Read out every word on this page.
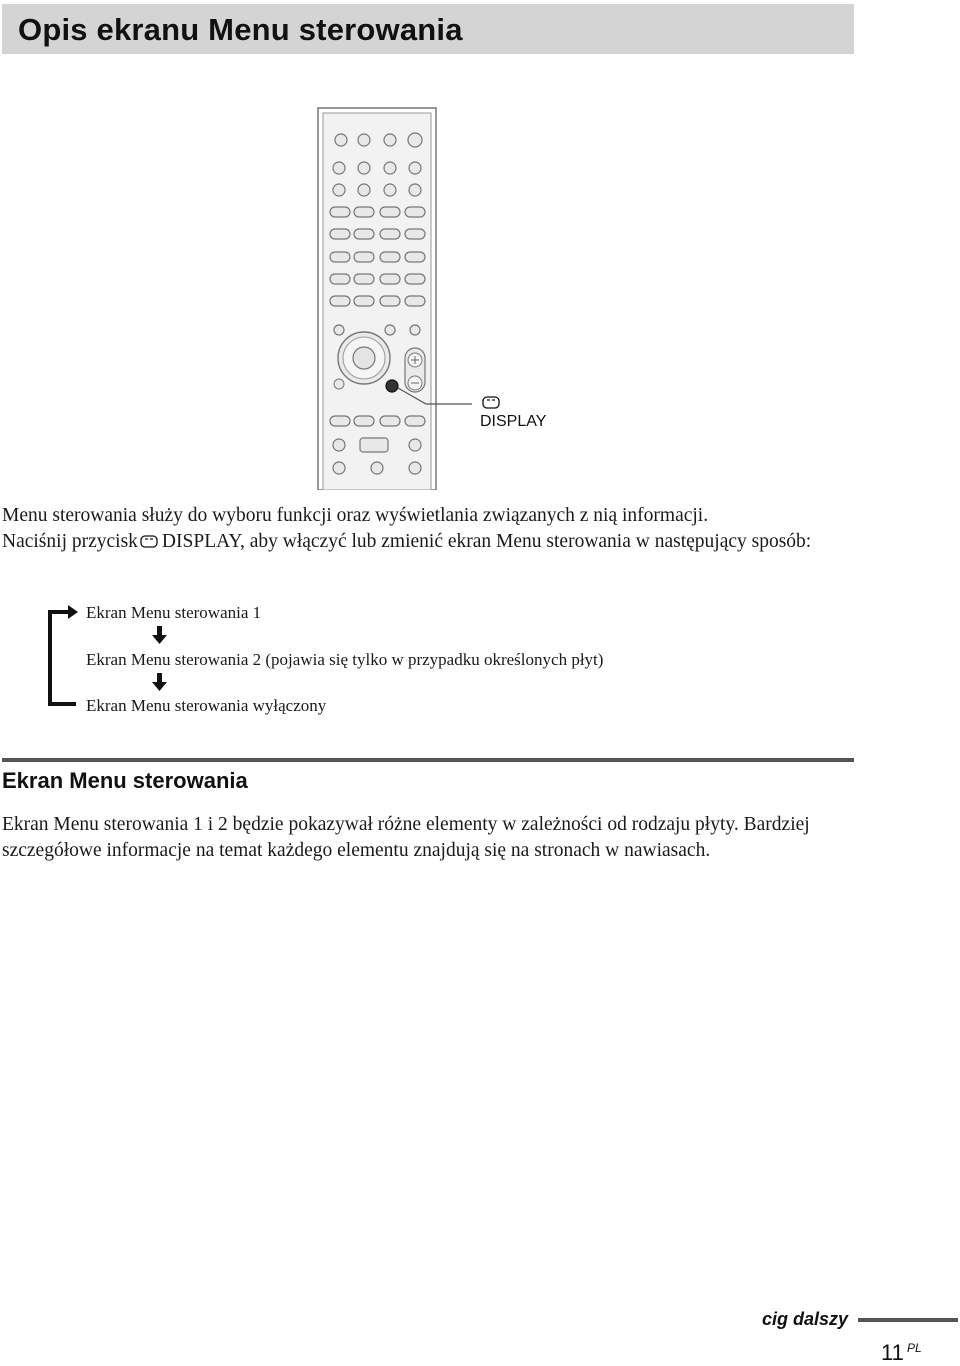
Opis ekranu Menu sterowania
DISPLAY

Menu sterowania służy do wyboru funkcji oraz wyświetlania związanych z nią informacji.
Naciśnij przycisk DISPLAY, aby włączyć lub zmienić ekran Menu sterowania w następujący sposób:

Ekran Menu sterowania 1

Ekran Menu sterowania 2 (pojawia się tylko w przypadku określonych płyt)

Ekran Menu sterowania wyłączony

Ekran Menu sterowania

Ekran Menu sterowania 1 i 2 będzie pokazywał różne elementy w zależności od rodzaju płyty. Bardziej szczegółowe informacje na temat każdego elementu znajdują się na stronach w nawiasach.

cig dalszy
11 PL
